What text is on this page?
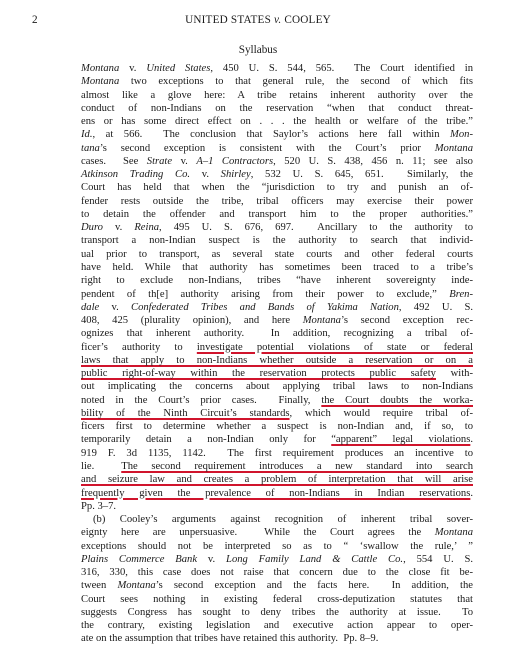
2	UNITED STATES v. COOLEY
Syllabus
Montana v. United States, 450 U. S. 544, 565.  The Court identified in
Montana two exceptions to that general rule, the second of which fits
almost like a glove here: A tribe retains inherent authority over the
conduct of non-Indians on the reservation “when that conduct threat-
ens or has some direct effect on . . . the health or welfare of the tribe.”
Id., at 566.  The conclusion that Saylor’s actions here fall within Mon-
tana’s second exception is consistent with the Court’s prior Montana
cases.  See Strate v. A–1 Contractors, 520 U. S. 438, 456 n. 11; see also
Atkinson Trading Co. v. Shirley, 532 U. S. 645, 651.  Similarly, the
Court has held that when the “jurisdiction to try and punish an of-
fender rests outside the tribe, tribal officers may exercise their power
to detain the offender and transport him to the proper authorities.”
Duro v. Reina, 495 U. S. 676, 697.  Ancillary to the authority to
transport a non-Indian suspect is the authority to search that individ-
ual prior to transport, as several state courts and other federal courts
have held. While that authority has sometimes been traced to a tribe’s
right to exclude non-Indians, tribes “have inherent sovereignty inde-
pendent of th[e] authority arising from their power to exclude,” Bren-
dale v. Confederated Tribes and Bands of Yakima Nation, 492 U. S.
408, 425 (plurality opinion), and here Montana’s second exception rec-
ognizes that inherent authority.  In addition, recognizing a tribal of-
ficer’s authority to investigate potential violations of state or federal
laws that apply to non-Indians whether outside a reservation or on a
public right-of-way within the reservation protects public safety with-
out implicating the concerns about applying tribal laws to non-Indians
noted in the Court’s prior cases.  Finally, the Court doubts the worka-
bility of the Ninth Circuit’s standards, which would require tribal of-
ficers first to determine whether a suspect is non-Indian and, if so, to
temporarily detain a non-Indian only for “apparent” legal violations.
919 F. 3d 1135, 1142.  The first requirement produces an incentive to
lie.  The second requirement introduces a new standard into search
and seizure law and creates a problem of interpretation that will arise
frequently given the prevalence of non-Indians in Indian reservations.
Pp. 3–7.
(b) Cooley’s arguments against recognition of inherent tribal sover-
eignty here are unpersuasive.  While the Court agrees the Montana
exceptions should not be interpreted so as to “ ‘swallow the rule,’ ”
Plains Commerce Bank v. Long Family Land & Cattle Co., 554 U. S.
316, 330, this case does not raise that concern due to the close fit be-
tween Montana’s second exception and the facts here.  In addition, the
Court sees nothing in existing federal cross-deputization statutes that
suggests Congress has sought to deny tribes the authority at issue.  To
the contrary, existing legislation and executive action appear to oper-
ate on the assumption that tribes have retained this authority.  Pp. 8–9.
